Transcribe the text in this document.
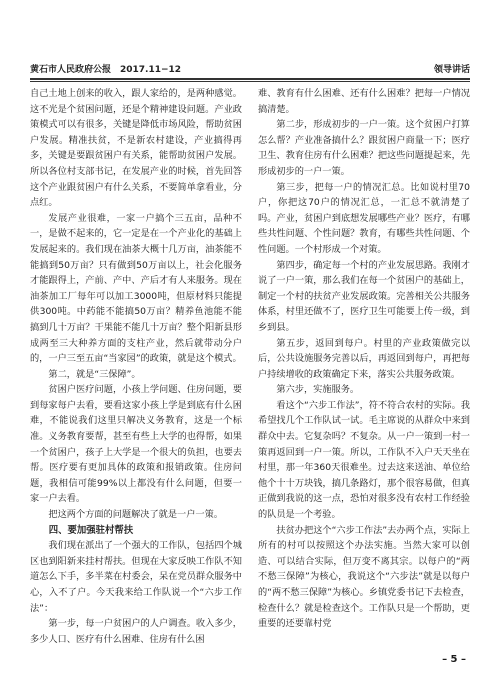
黄石市人民政府公报　2017.11−12	领导讲话

自己土地上创来的收入，跟人家给的，是两种感觉。这不光是个贫困问题，还是个精神建设问题。产业政策模式可以有很多，关键是降低市场风险，帮助贫困户发展。精准扶贫，不是新农村建设，产业搞得再多，关键是要跟贫困户有关系，能帮助贫困户发展。所以各位村支部书记，在发展产业的时候，首先回答这个产业跟贫困户有什么关系，不要简单拿看业，分点红。

发展产业很难，一家一户搞个三五亩，品种不一，是做不起来的，它一定是在一个产业化的基础上发展起来的。我们现在油茶大概十几万亩，油茶能不能搞到50万亩？只有做到50万亩以上，社会化服务才能跟得上，产前、产中、产后才有人来服务。现在油茶加工厂每年可以加工3000吨，但原材料只能提供300吨。中药能不能搞50万亩？精养鱼池能不能搞到几十万亩？干果能不能几十万亩？整个阳新县形成两至三大种养方面的支柱产业，然后就带动分户的，一户三至五亩“当家园”的政策，就是这个模式。

第二，就是“三保障”。

贫困户医疗问题，小孩上学问题、住房问题，要到每家每户去看，要看这家小孩上学是到底有什么困难，不能说我们这里只解决义务教育，这是一个标准。义务教育要帮，甚至有些上大学的也得帮，如果一个贫困户，孩子上大学是一个很大的负担，也要去帮。医疗要有更加具体的政策和报销政策。住房问题，我相信可能99%以上都没有什么问题，但要一家一户去看。

把这两个方面的问题解决了就是一户一策。

四、要加强驻村帮扶

我们现在派出了一个强大的工作队，包括四个城区也到阳新来挂村帮扶。但现在大家反映工作队不知道怎么下手，多半菜在村委会，呆在党员群众服务中心，入不了户。今天我来给工作队说一个“六步工作法”：

第一步，每一户贫困户的人户调查。收入多少，多少人口、医疗有什么困难、住房有什么困

难、教育有什么困难、还有什么困难？把每一户情况搞清楚。

第二步，形成初步的一户一策。这个贫困户打算怎么帮？产业准备搞什么？跟贫困户商量一下；医疗卫生、教育住房有什么困难？把这些问题提起来，先形成初步的一户一策。

第三步，把每一户的情况汇总。比如说村里70户，你把这70户的情况汇总，一汇总不就清楚了吗。产业，贫困户到底想发展哪些产业？医疗，有哪些共性问题、个性问题？教育，有哪些共性问题、个性问题。一个村形成一个对策。

第四步，确定每一个村的产业发展思路。我刚才说了一户一策，那么我们在每一个贫困户的基础上，制定一个村的扶贫产业发展政策。完善相关公共服务体系，村里还做不了，医疗卫生可能要上传一级，到乡到县。

第五步，返回到每户。村里的产业政策做完以后，公共设施服务完善以后，再返回到每户，再把每户持续增收的政策确定下来，落实公共服务政策。

第六步，实施服务。

看这个“六步工作法”，符不符合农村的实际。我希望找几个工作队试一试。毛主席说的从群众中来到群众中去。它复杂吗？不复杂。从一户一策到一村一策再返回到一户一策。所以，工作队不入户天天坐在村里，那一年360天很难坐。过去这来送油、单位给他个十十万块钱，搞几条路灯，那个很容易做，但真正做到我说的这一点，恐怕对很多没有农村工作经验的队员是一个考验。

扶贫办把这个“六步工作法”去办两个点，实际上所有的村可以按照这个办法实施。当然大家可以创造、可以结合实际，但万变不离其宗。以每户的“两不愁三保障”为核心，我说这个“六步法”就是以每户的“两不愁三保障”为核心。乡镇党委书记下去检查，检查什么？就是检查这个。工作队只是一个帮助，更重要的还要靠村党

– 5 –
